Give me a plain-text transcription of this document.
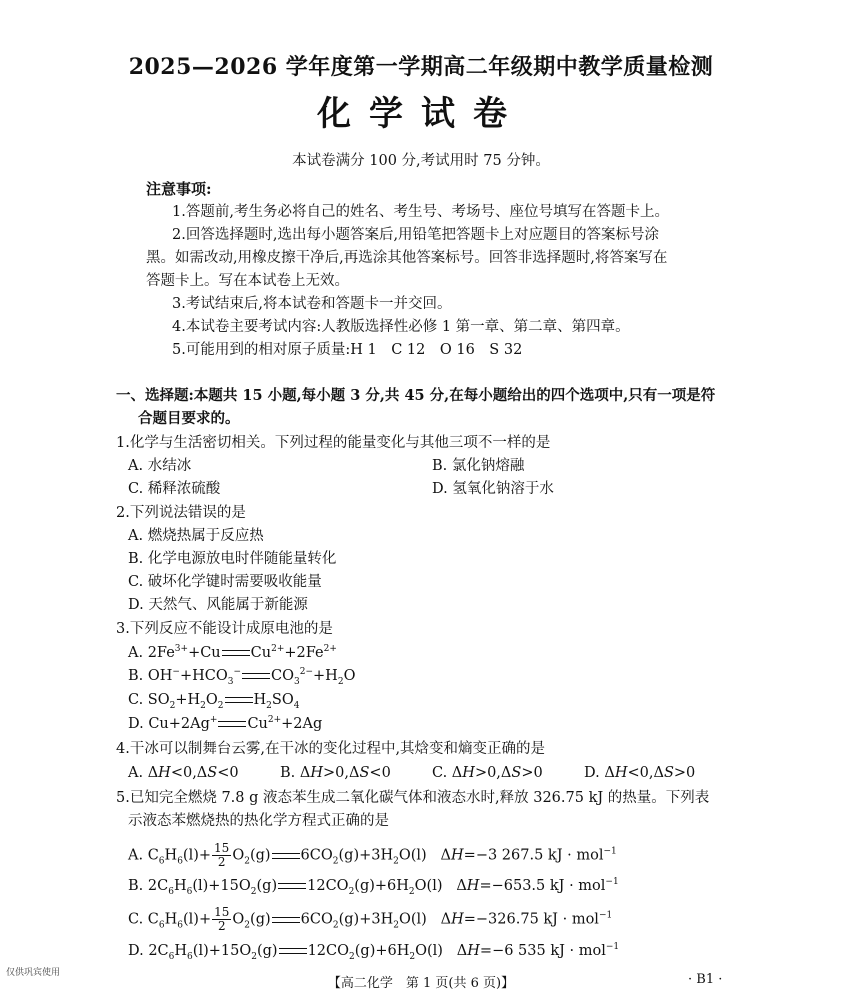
2025—2026 学年度第一学期高二年级期中教学质量检测
化学试卷
本试卷满分 100 分,考试用时 75 分钟。
注意事项:
1.答题前,考生务必将自己的姓名、考生号、考场号、座位号填写在答题卡上。
2.回答选择题时,选出每小题答案后,用铅笔把答题卡上对应题目的答案标号涂
黑。如需改动,用橡皮擦干净后,再选涂其他答案标号。回答非选择题时,将答案写在
答题卡上。写在本试卷上无效。
3.考试结束后,将本试卷和答题卡一并交回。
4.本试卷主要考试内容:人教版选择性必修 1 第一章、第二章、第四章。
5.可能用到的相对原子质量:H 1　C 12　O 16　S 32
一、选择题:本题共 15 小题,每小题 3 分,共 45 分,在每小题给出的四个选项中,只有一项是符
合题目要求的。
1.化学与生活密切相关。下列过程的能量变化与其他三项不一样的是
A. 水结冰	B. 氯化钠熔融
C. 稀释浓硫酸	D. 氢氧化钠溶于水
2.下列说法错误的是
A. 燃烧热属于反应热
B. 化学电源放电时伴随能量转化
C. 破坏化学键时需要吸收能量
D. 天然气、风能属于新能源
3.下列反应不能设计成原电池的是
A. $2Fe^{3+}+Cu$ $Cu^{2+}+2Fe^{2+}$
B. $OH^-+HCO_3^-$ $CO_3^{2-}+H_2O$
C. $SO_2+H_2O_2$ $H_2SO_4$
D. Cu+2Ag+ $Cu^{2+}+2Ag$
4.干冰可以制舞台云雾,在干冰的变化过程中,其焓变和熵变正确的是
A. ΔH<0,ΔS<0	B. ΔH>0,ΔS<0	C. ΔH>0,ΔS>0	D. ΔH<0,ΔS>0
5.已知完全燃烧 7.8 g 液态苯生成二氧化碳气体和液态水时,释放 326.75 kJ 的热量。下列表
示液态苯燃烧热的热化学方程式正确的是
A. $C_6H_6(l)+ \frac{15}{2} O_2(g)$ $6CO_2(g)+3H_2O(l)$   ΔH=−3 267.5 kJ · mol$^{-1}$
B. $2C_6H_6(l)+15O_2(g)$ $12CO_2(g)+6H_2O(l)$   ΔH=−653.5 kJ · mol$^{-1}$
C. $C_6H_6(l)+ \frac{15}{2} O_2(g)$ $6CO_2(g)+3H_2O(l)$   ΔH=−326.75 kJ · mol$^{-1}$
D. $2C_6H_6(l)+15O_2(g)$ $12CO_2(g)+6H_2O(l)$   ΔH=−6 535 kJ · mol$^{-1}$
仅供巩宾使用
【高二化学　第 1 页(共 6 页)】	· B1 ·
